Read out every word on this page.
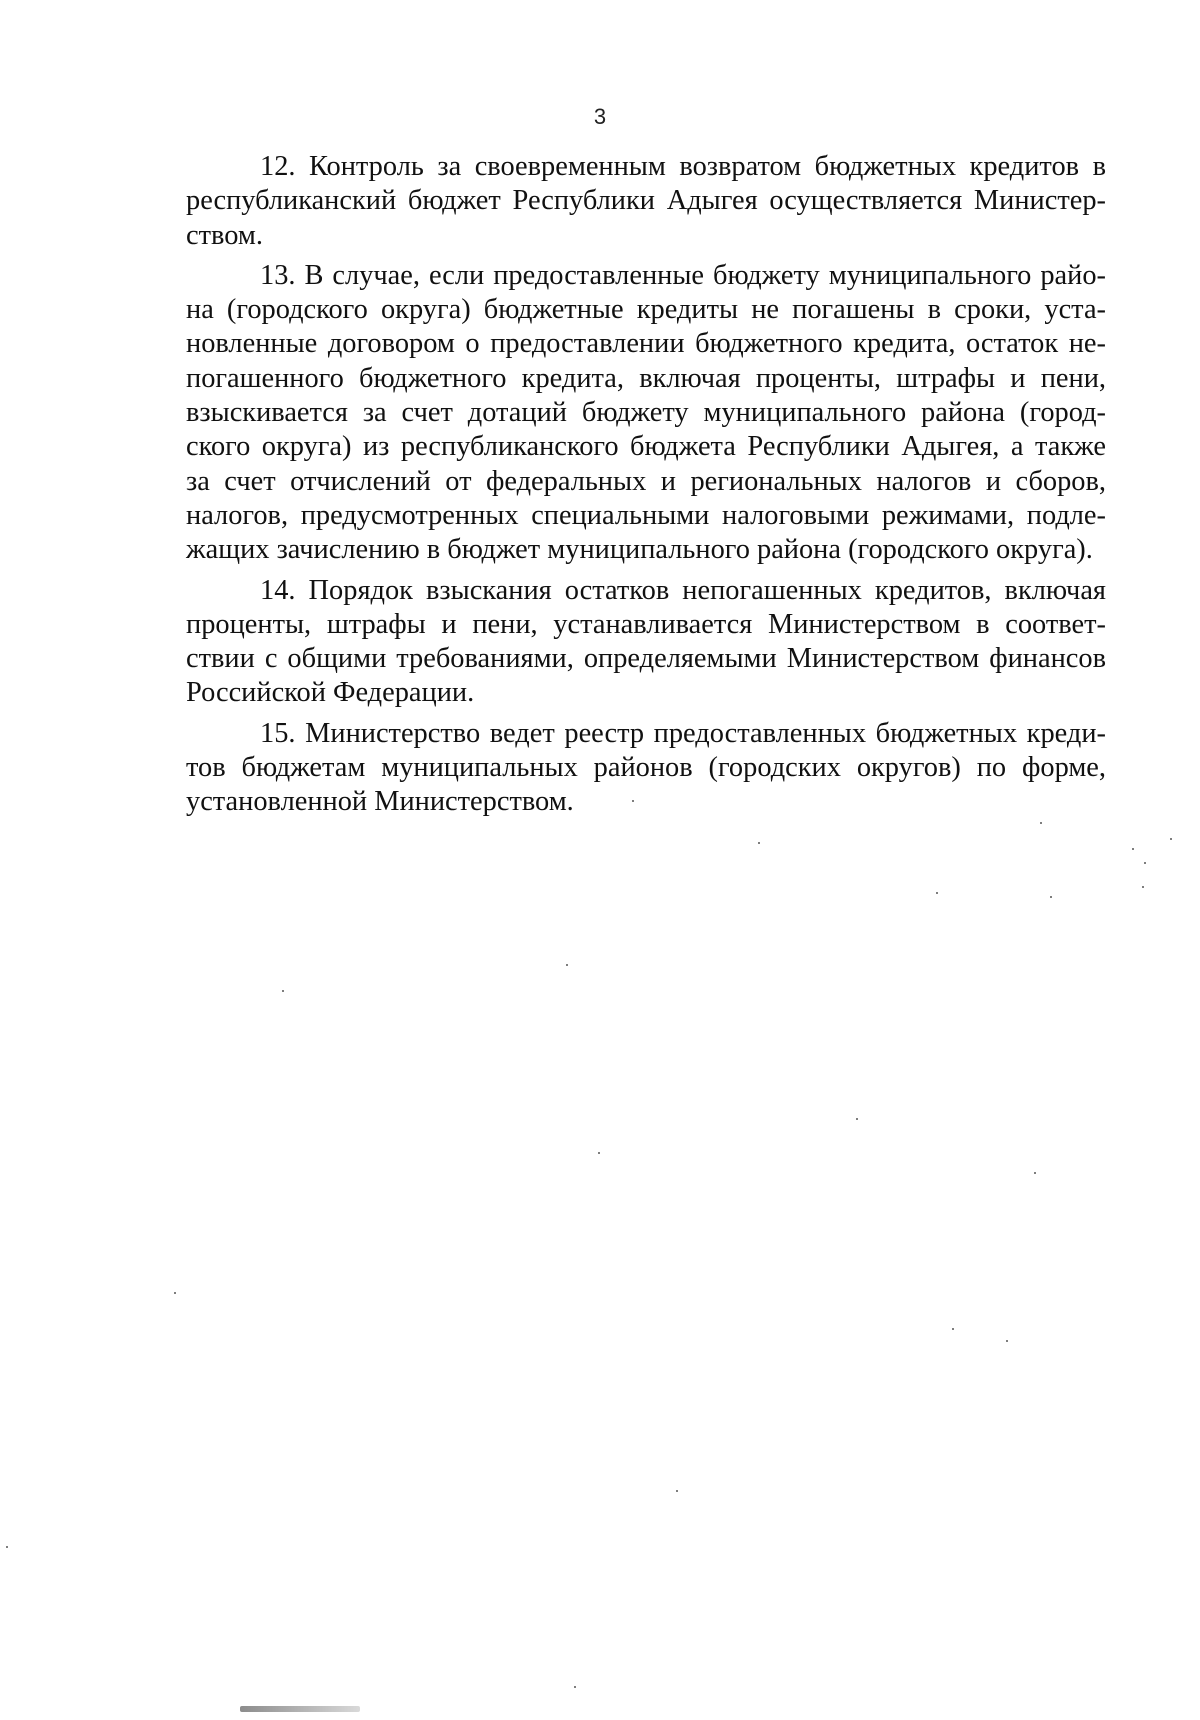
3

12. Контроль за своевременным возвратом бюджетных кредитов в
республиканский бюджет Республики Адыгея осуществляется Министер-
ством.

13. В случае, если предоставленные бюджету муниципального райо-
на (городского округа) бюджетные кредиты не погашены в сроки, уста-
новленные договором о предоставлении бюджетного кредита, остаток не-
погашенного бюджетного кредита, включая проценты, штрафы и пени,
взыскивается за счет дотаций бюджету муниципального района (город-
ского округа) из республиканского бюджета Республики Адыгея, а также
за счет отчислений от федеральных и региональных налогов и сборов,
налогов, предусмотренных специальными налоговыми режимами, подле-
жащих зачислению в бюджет муниципального района (городского округа).

14. Порядок взыскания остатков непогашенных кредитов, включая
проценты, штрафы и пени, устанавливается Министерством в соответ-
ствии с общими требованиями, определяемыми Министерством финансов
Российской Федерации.

15. Министерство ведет реестр предоставленных бюджетных креди-
тов бюджетам муниципальных районов (городских округов) по форме,
установленной Министерством.
